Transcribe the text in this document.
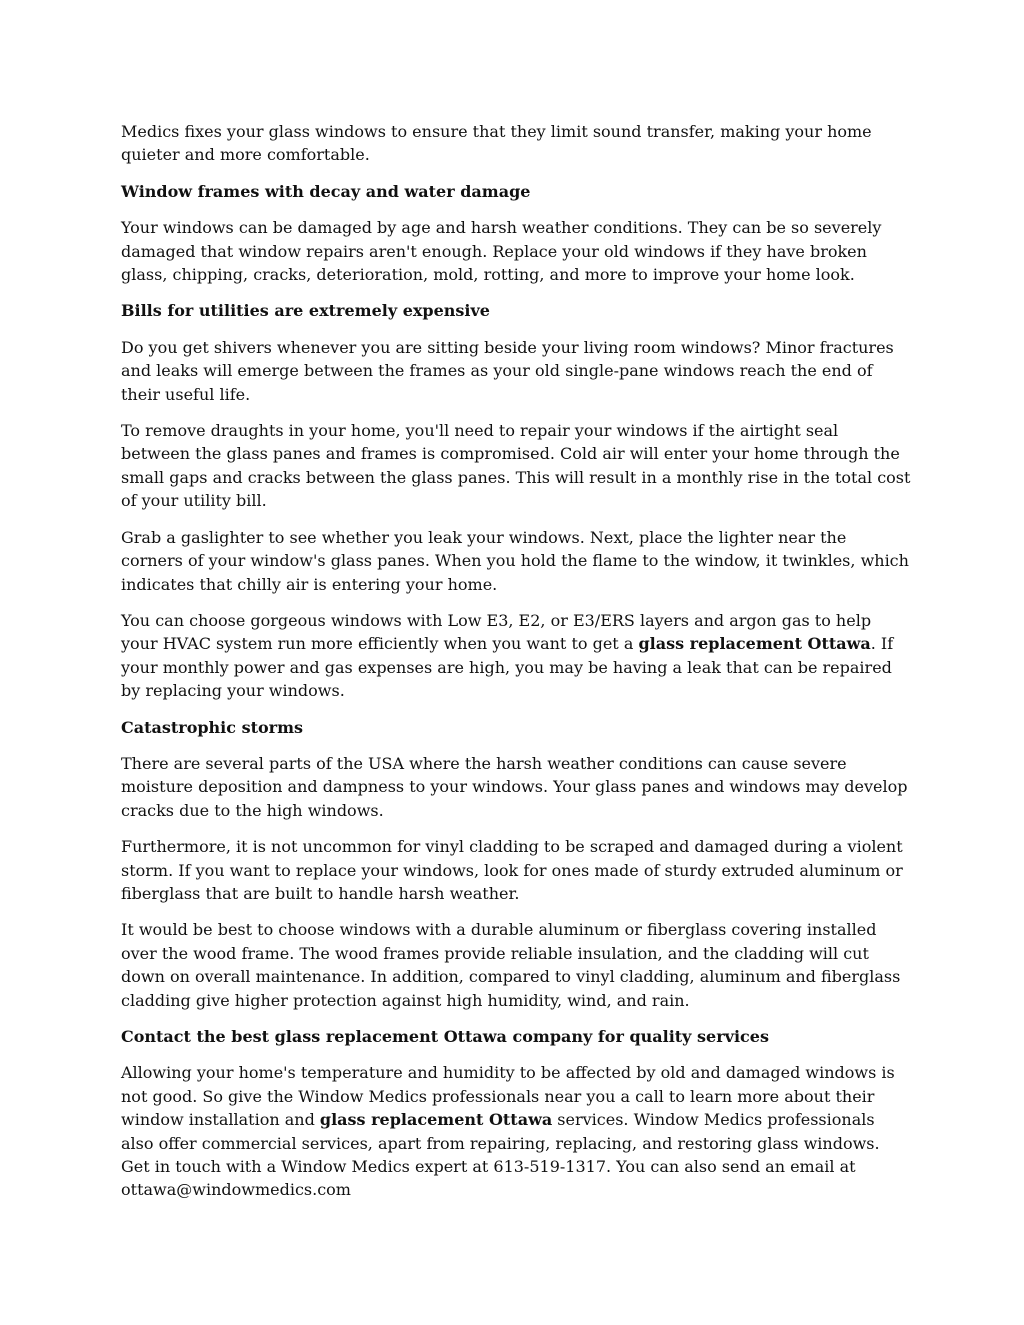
Medics fixes your glass windows to ensure that they limit sound transfer, making your home quieter and more comfortable.

Window frames with decay and water damage

Your windows can be damaged by age and harsh weather conditions. They can be so severely damaged that window repairs aren't enough. Replace your old windows if they have broken glass, chipping, cracks, deterioration, mold, rotting, and more to improve your home look.

Bills for utilities are extremely expensive

Do you get shivers whenever you are sitting beside your living room windows? Minor fractures and leaks will emerge between the frames as your old single-pane windows reach the end of their useful life.

To remove draughts in your home, you'll need to repair your windows if the airtight seal between the glass panes and frames is compromised. Cold air will enter your home through the small gaps and cracks between the glass panes. This will result in a monthly rise in the total cost of your utility bill.

Grab a gaslighter to see whether you leak your windows. Next, place the lighter near the corners of your window's glass panes. When you hold the flame to the window, it twinkles, which indicates that chilly air is entering your home.

You can choose gorgeous windows with Low E3, E2, or E3/ERS layers and argon gas to help your HVAC system run more efficiently when you want to get a glass replacement Ottawa. If your monthly power and gas expenses are high, you may be having a leak that can be repaired by replacing your windows.

Catastrophic storms

There are several parts of the USA where the harsh weather conditions can cause severe moisture deposition and dampness to your windows. Your glass panes and windows may develop cracks due to the high windows.

Furthermore, it is not uncommon for vinyl cladding to be scraped and damaged during a violent storm. If you want to replace your windows, look for ones made of sturdy extruded aluminum or fiberglass that are built to handle harsh weather.

It would be best to choose windows with a durable aluminum or fiberglass covering installed over the wood frame. The wood frames provide reliable insulation, and the cladding will cut down on overall maintenance. In addition, compared to vinyl cladding, aluminum and fiberglass cladding give higher protection against high humidity, wind, and rain.

Contact the best glass replacement Ottawa company for quality services

Allowing your home's temperature and humidity to be affected by old and damaged windows is not good. So give the Window Medics professionals near you a call to learn more about their window installation and glass replacement Ottawa services. Window Medics professionals also offer commercial services, apart from repairing, replacing, and restoring glass windows. Get in touch with a Window Medics expert at 613-519-1317. You can also send an email at ottawa@windowmedics.com
